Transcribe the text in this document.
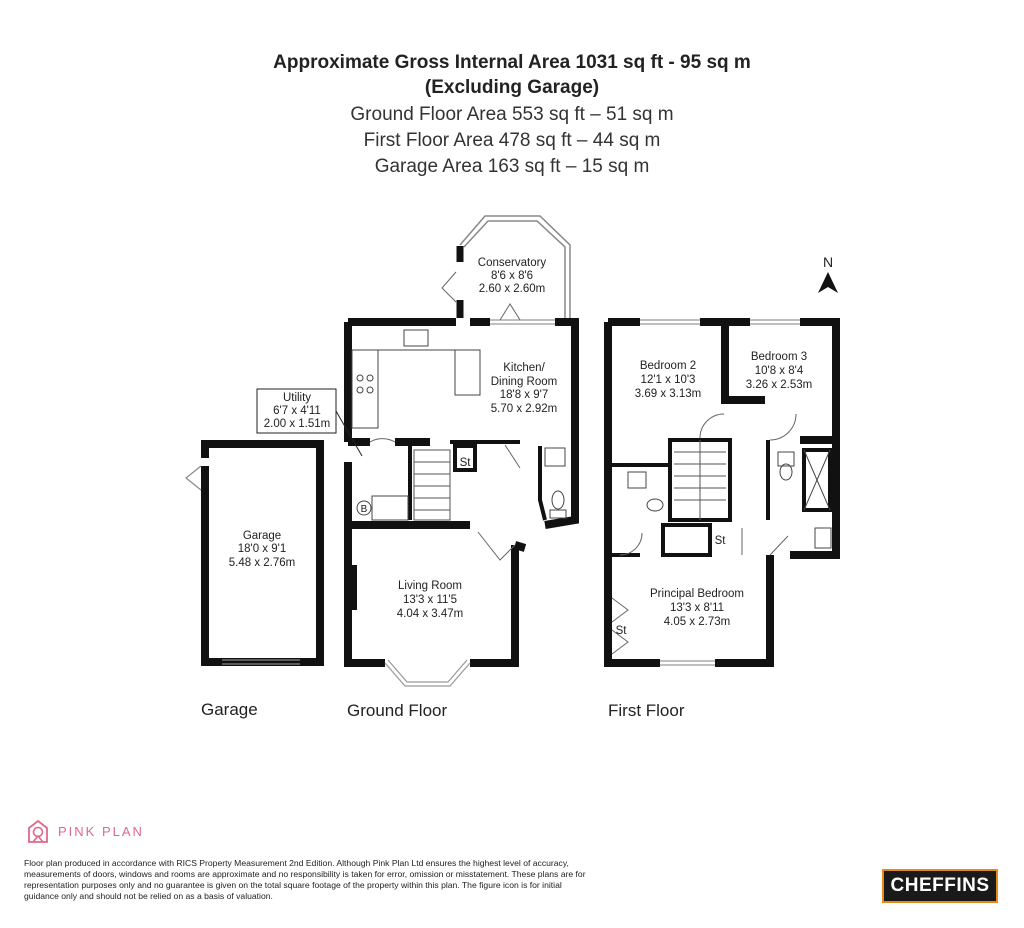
Approximate Gross Internal Area 1031 sq ft - 95 sq m
(Excluding Garage)
Ground Floor Area 553 sq ft – 51 sq m
First Floor Area 478 sq ft – 44 sq m
Garage Area 163 sq ft – 15 sq m
N
Conservatory
8'6 x 8'6
2.60 x 2.60m
Kitchen/
Dining Room
18'8 x 9'7
5.70 x 2.92m
Utility
6'7 x 4'11
2.00 x 1.51m
Garage
18'0 x 9'1
5.48 x 2.76m
Living Room
13'3 x 11'5
4.04 x 3.47m
Bedroom 2
12'1 x 10'3
3.69 x 3.13m
Bedroom 3
10'8 x 8'4
3.26 x 2.53m
Principal Bedroom
13'3 x 8'11
4.05 x 2.73m
St
St
St
B
Garage	Ground Floor	First Floor
PINK PLAN
Floor plan produced in accordance with RICS Property Measurement 2nd Edition. Although Pink Plan Ltd ensures the highest level of accuracy, measurements of doors, windows and rooms are approximate and no responsibility is taken for error, omission or misstatement. These plans are for representation purposes only and no guarantee is given on the total square footage of the property within this plan. The figure icon is for initial guidance only and should not be relied on as a basis of valuation.	CHEFFINS
